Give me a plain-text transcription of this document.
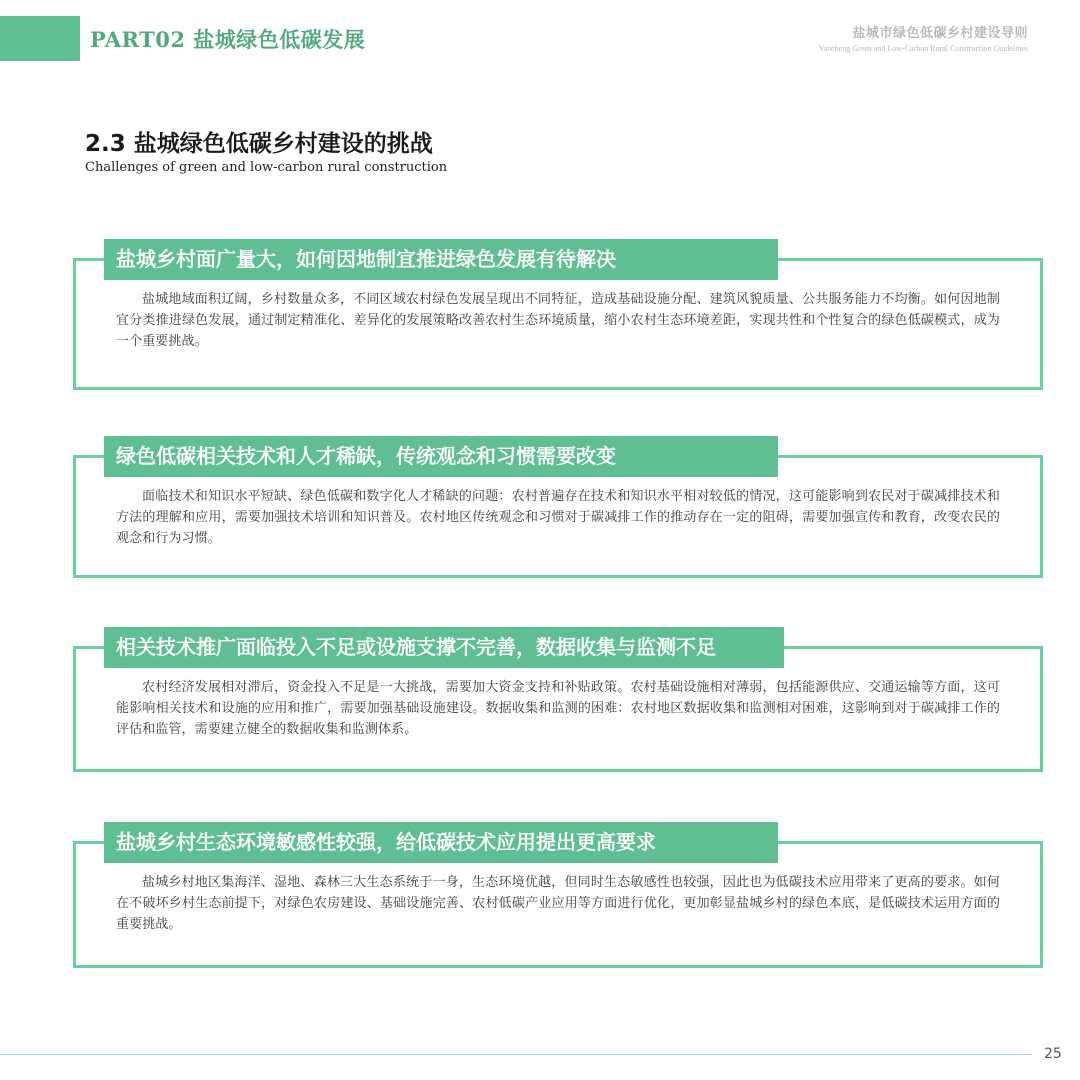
PART02 盐城绿色低碳发展	盐城市绿色低碳乡村建设导则
Yancheng Green and Low-Carbon Rural Construction Guidelines
2.3 盐城绿色低碳乡村建设的挑战
Challenges of green and low-carbon rural construction
盐城乡村面广量大，如何因地制宜推进绿色发展有待解决
盐城地域面积辽阔，乡村数量众多，不同区域农村绿色发展呈现出不同特征，造成基础设施分配、建筑风貌质量、公共服务能力不均衡。如何因地制宜分类推进绿色发展，通过制定精准化、差异化的发展策略改善农村生态环境质量，缩小农村生态环境差距，实现共性和个性复合的绿色低碳模式，成为一个重要挑战。
绿色低碳相关技术和人才稀缺，传统观念和习惯需要改变
面临技术和知识水平短缺、绿色低碳和数字化人才稀缺的问题：农村普遍存在技术和知识水平相对较低的情况，这可能影响到农民对于碳减排技术和方法的理解和应用，需要加强技术培训和知识普及。农村地区传统观念和习惯对于碳减排工作的推动存在一定的阻碍，需要加强宣传和教育，改变农民的观念和行为习惯。
相关技术推广面临投入不足或设施支撑不完善，数据收集与监测不足
农村经济发展相对滞后，资金投入不足是一大挑战，需要加大资金支持和补贴政策。农村基础设施相对薄弱，包括能源供应、交通运输等方面，这可能影响相关技术和设施的应用和推广，需要加强基础设施建设。数据收集和监测的困难：农村地区数据收集和监测相对困难，这影响到对于碳减排工作的评估和监管，需要建立健全的数据收集和监测体系。
盐城乡村生态环境敏感性较强，给低碳技术应用提出更高要求
盐城乡村地区集海洋、湿地、森林三大生态系统于一身，生态环境优越，但同时生态敏感性也较强，因此也为低碳技术应用带来了更高的要求。如何在不破坏乡村生态前提下，对绿色农房建设、基础设施完善、农村低碳产业应用等方面进行优化，更加彰显盐城乡村的绿色本底，是低碳技术运用方面的重要挑战。
25
